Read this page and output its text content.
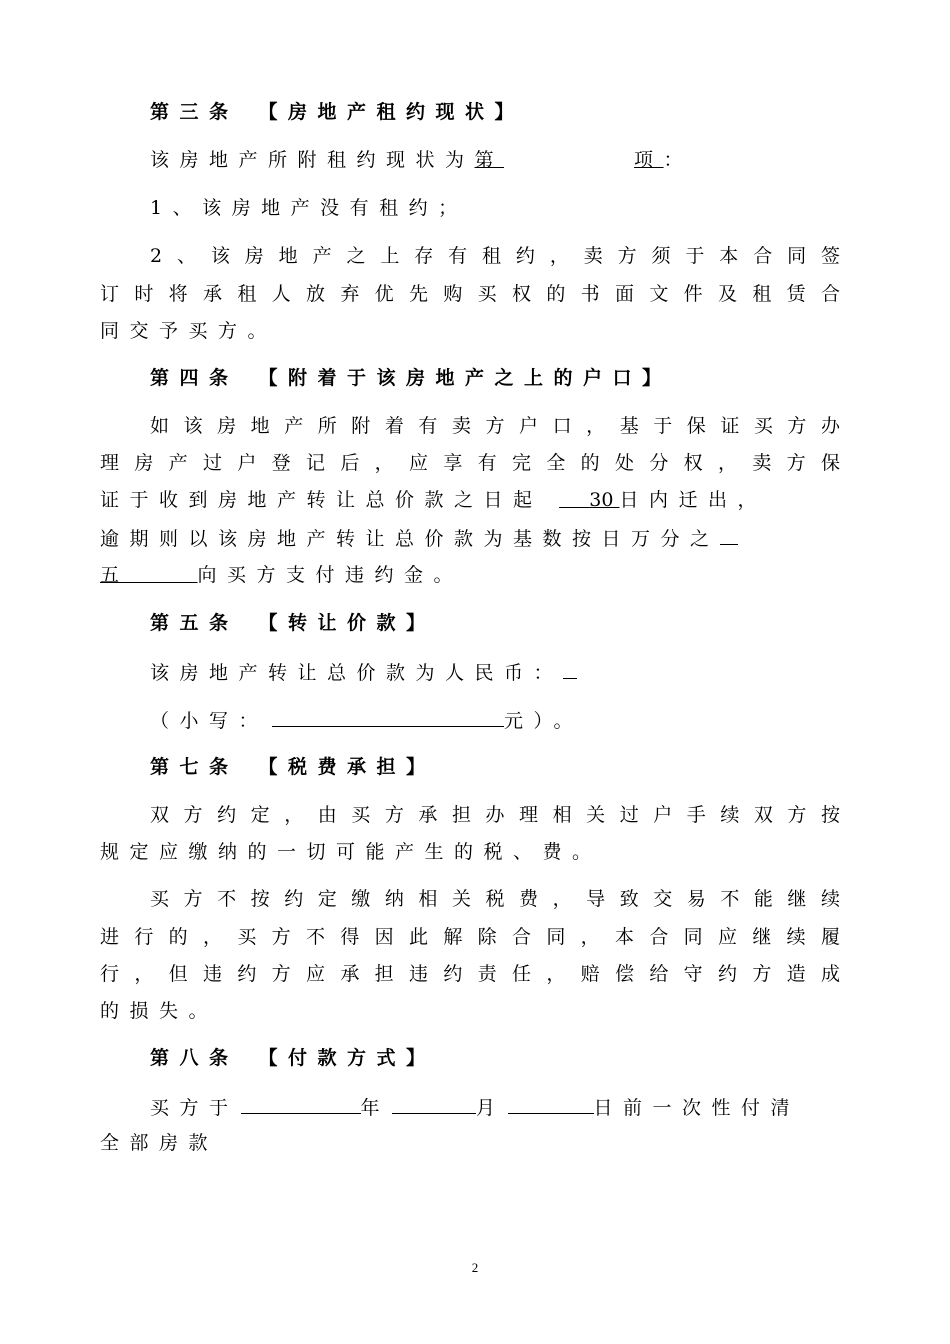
第三条 【房地产租约现状】
该房地产所附租约现状为第	项：
1、该房地产没有租约；
2、该房地产之上存有租约，卖方须于本合同签
订时将承租人放弃优先购买权的书面文件及租赁合
同交予买方。
第四条 【附着于该房地产之上的户口】
如该房地产所附着有卖方户口，基于保证买方办
理房产过户登记后，应享有完全的处分权，卖方保
证于收到房地产转让总价款之日起 30 日内迁出，
逾期则以该房地产转让总价款为基数按日万分之
五	向买方支付违约金。
第五条 【转让价款】
该房地产转让总价款为人民币：
（小写：	元）。
第七条 【税费承担】
双方约定，由买方承担办理相关过户手续双方按
规定应缴纳的一切可能产生的税、费。
买方不按约定缴纳相关税费，导致交易不能继续
进行的，买方不得因此解除合同，本合同应继续履
行，但违约方应承担违约责任，赔偿给守约方造成
的损失。
第八条 【付款方式】
买方于	年	月	日前一次性付清
全部房款
2
